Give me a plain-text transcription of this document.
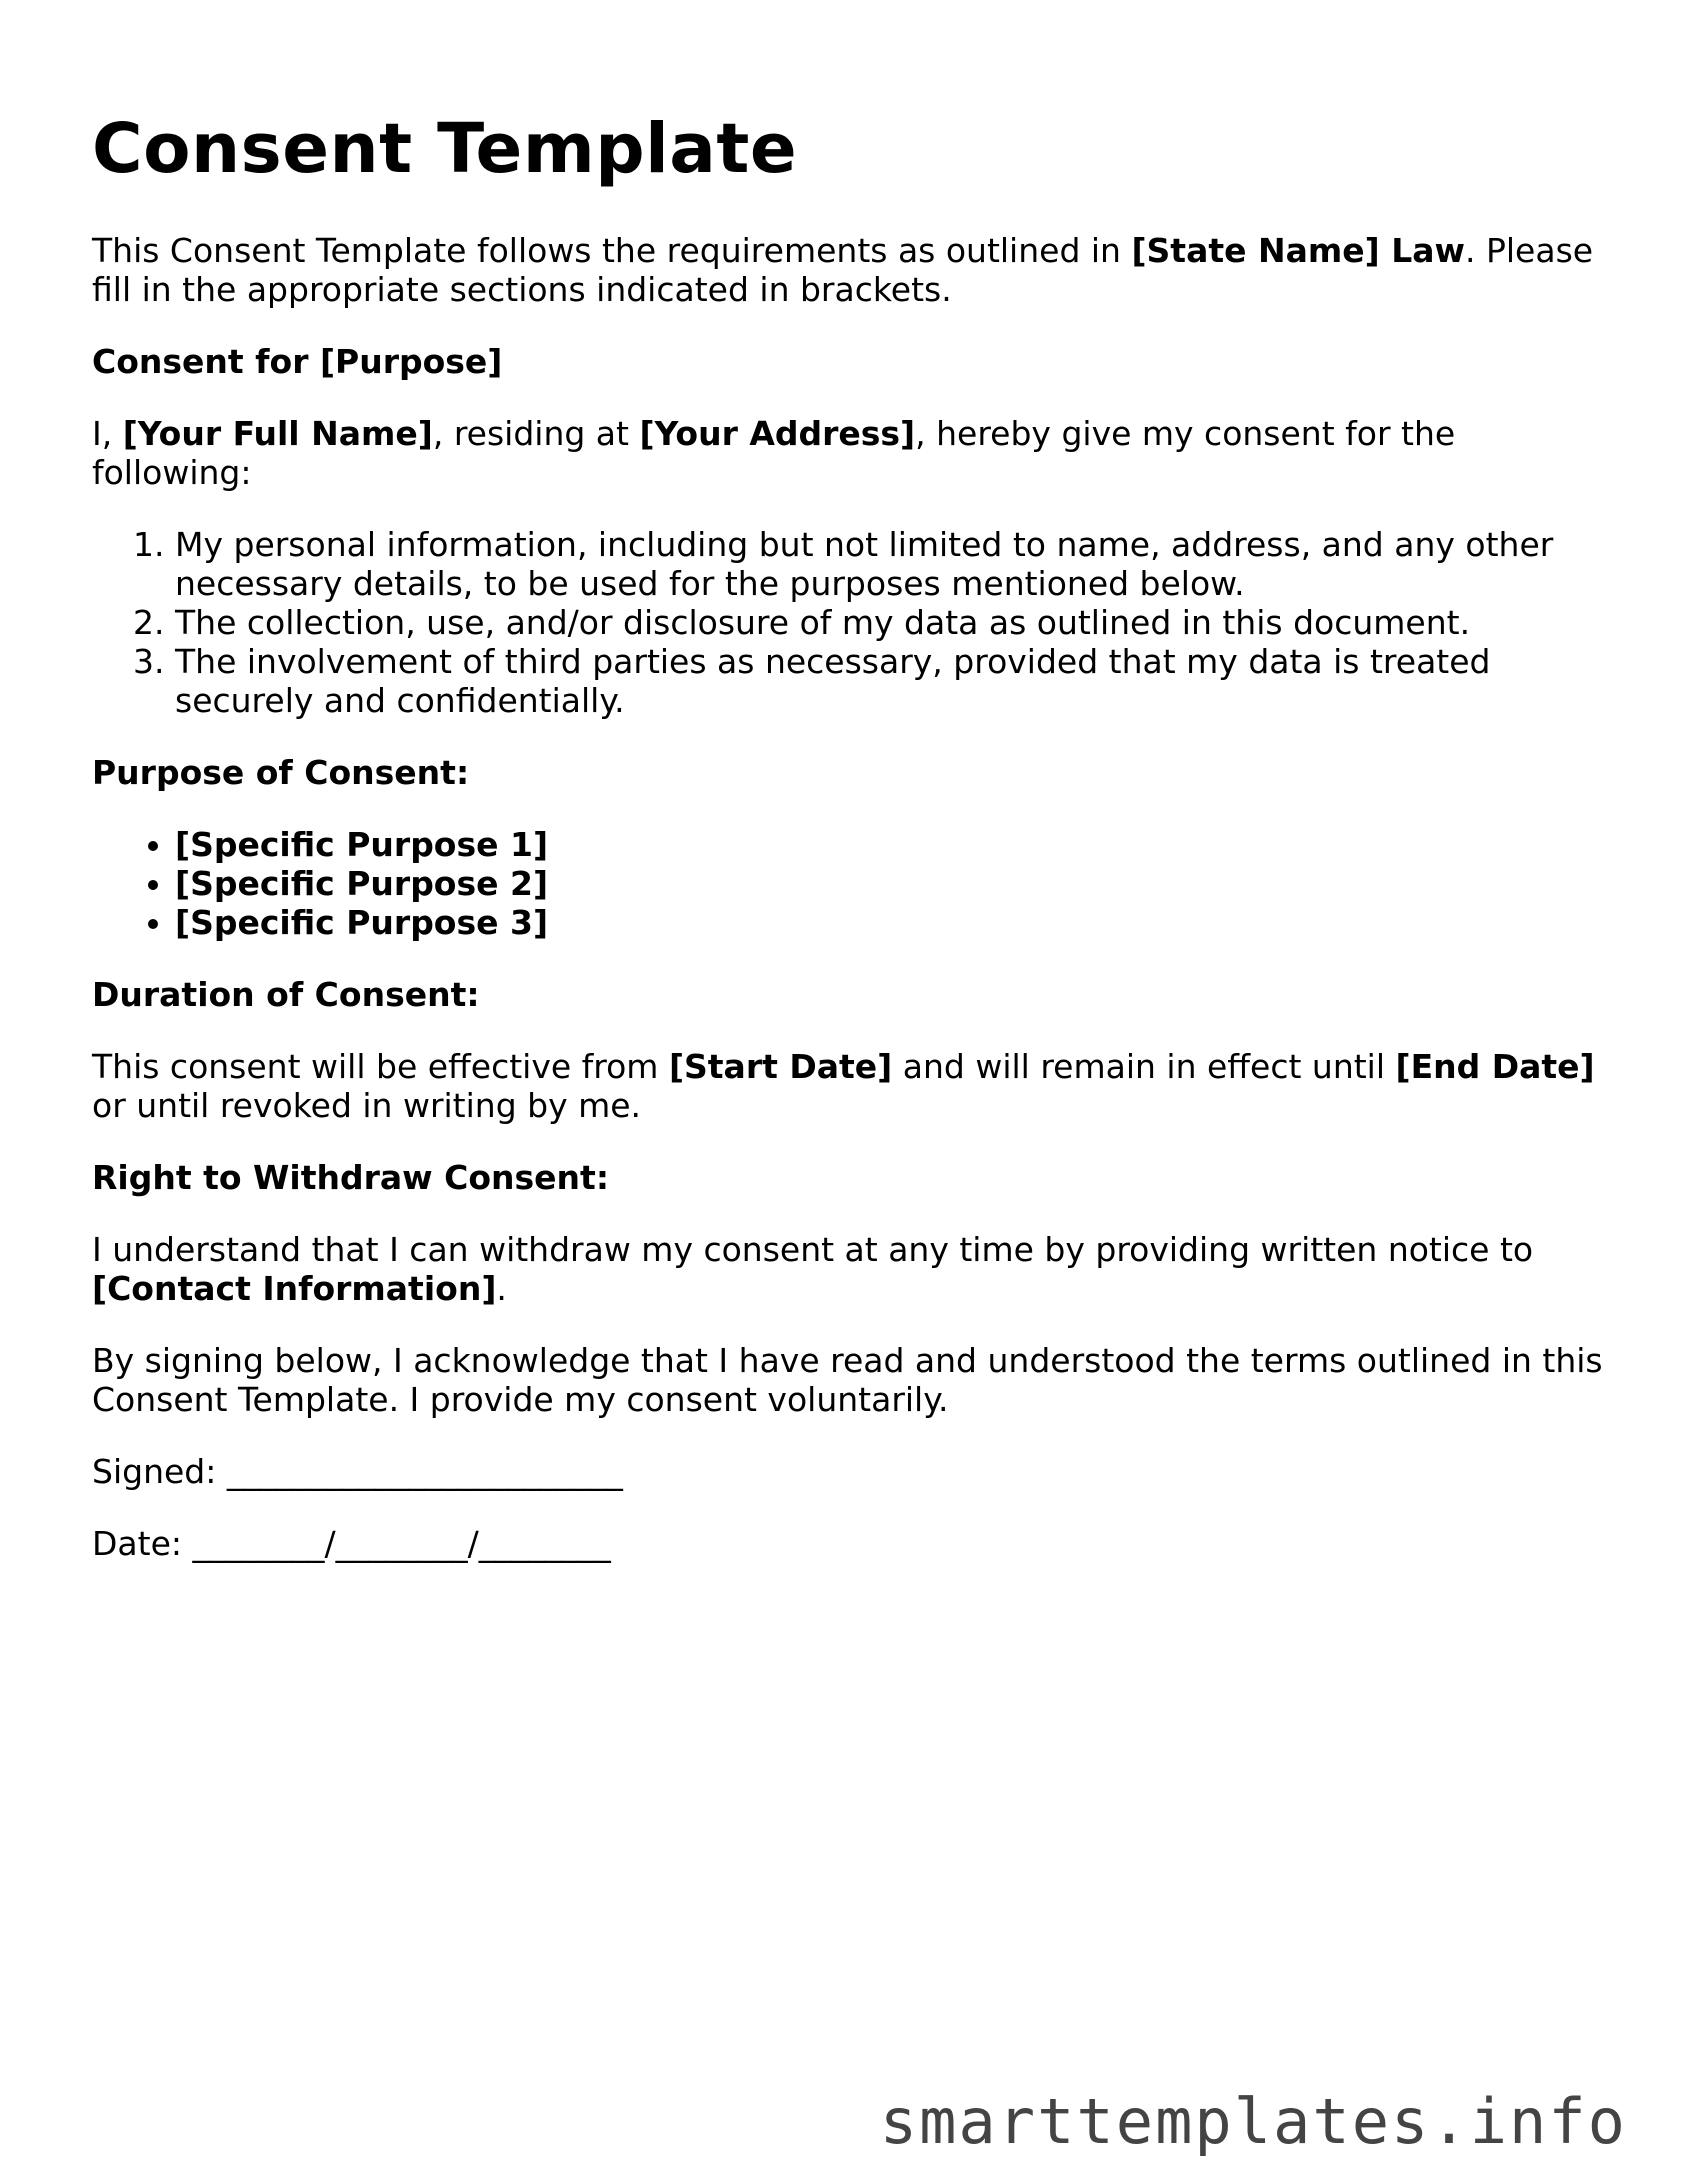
Consent Template

This Consent Template follows the requirements as outlined in [State Name] Law. Please fill in the appropriate sections indicated in brackets.

Consent for [Purpose]

I, [Your Full Name], residing at [Your Address], hereby give my consent for the following:

1. My personal information, including but not limited to name, address, and any other necessary details, to be used for the purposes mentioned below.
2. The collection, use, and/or disclosure of my data as outlined in this document.
3. The involvement of third parties as necessary, provided that my data is treated securely and confidentially.

Purpose of Consent:

• [Specific Purpose 1]
• [Specific Purpose 2]
• [Specific Purpose 3]

Duration of Consent:

This consent will be effective from [Start Date] and will remain in effect until [End Date] or until revoked in writing by me.

Right to Withdraw Consent:

I understand that I can withdraw my consent at any time by providing written notice to [Contact Information].

By signing below, I acknowledge that I have read and understood the terms outlined in this Consent Template. I provide my consent voluntarily.

Signed: ________________________

Date: ________/________/________

smarttemplates.info
